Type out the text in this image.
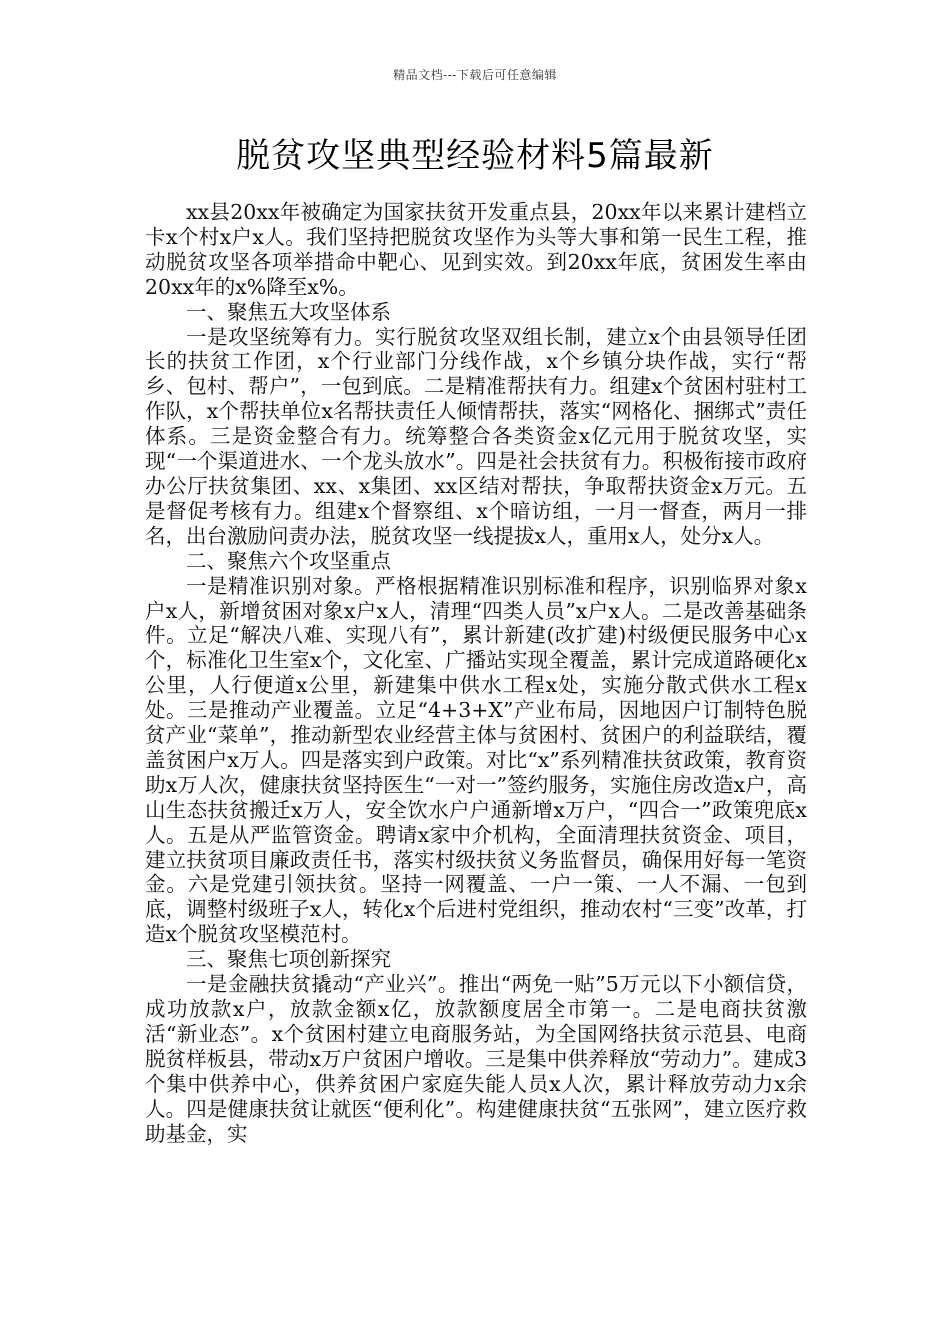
精品文档---下载后可任意编辑
脱贫攻坚典型经验材料5篇最新

xx县20xx年被确定为国家扶贫开发重点县，20xx年以来累计建档立卡x个村x户x人。我们坚持把脱贫攻坚作为头等大事和第一民生工程，推动脱贫攻坚各项举措命中靶心、见到实效。到20xx年底，贫困发生率由20xx年的x%降至x%。

一、聚焦五大攻坚体系

一是攻坚统筹有力。实行脱贫攻坚双组长制，建立x个由县领导任团长的扶贫工作团，x个行业部门分线作战，x个乡镇分块作战，实行“帮乡、包村、帮户”，一包到底。二是精准帮扶有力。组建x个贫困村驻村工作队，x个帮扶单位x名帮扶责任人倾情帮扶，落实“网格化、捆绑式”责任体系。三是资金整合有力。统筹整合各类资金x亿元用于脱贫攻坚，实现“一个渠道进水、一个龙头放水”。四是社会扶贫有力。积极衔接市政府办公厅扶贫集团、xx、x集团、xx区结对帮扶，争取帮扶资金x万元。五是督促考核有力。组建x个督察组、x个暗访组，一月一督查，两月一排名，出台激励问责办法，脱贫攻坚一线提拔x人，重用x人，处分x人。

二、聚焦六个攻坚重点

一是精准识别对象。严格根据精准识别标准和程序，识别临界对象x户x人，新增贫困对象x户x人，清理“四类人员”x户x人。二是改善基础条件。立足“解决八难、实现八有”，累计新建(改扩建)村级便民服务中心x个，标准化卫生室x个，文化室、广播站实现全覆盖，累计完成道路硬化x公里，人行便道x公里，新建集中供水工程x处，实施分散式供水工程x处。三是推动产业覆盖。立足“4+3+X”产业布局，因地因户订制特色脱贫产业“菜单”，推动新型农业经营主体与贫困村、贫困户的利益联结，覆盖贫困户x万人。四是落实到户政策。对比“x”系列精准扶贫政策，教育资助x万人次，健康扶贫坚持医生“一对一”签约服务，实施住房改造x户，高山生态扶贫搬迁x万人，安全饮水户户通新增x万户，“四合一”政策兜底x人。五是从严监管资金。聘请x家中介机构，全面清理扶贫资金、项目，建立扶贫项目廉政责任书，落实村级扶贫义务监督员，确保用好每一笔资金。六是党建引领扶贫。坚持一网覆盖、一户一策、一人不漏、一包到底，调整村级班子x人，转化x个后进村党组织，推动农村“三变”改革，打造x个脱贫攻坚模范村。

三、聚焦七项创新探究

一是金融扶贫撬动“产业兴”。推出“两免一贴”5万元以下小额信贷，成功放款x户，放款金额x亿，放款额度居全市第一。二是电商扶贫激活“新业态”。x个贫困村建立电商服务站，为全国网络扶贫示范县、电商脱贫样板县，带动x万户贫困户增收。三是集中供养释放“劳动力”。建成3个集中供养中心，供养贫困户家庭失能人员x人次，累计释放劳动力x余人。四是健康扶贫让就医“便利化”。构建健康扶贫“五张网”，建立医疗救助基金，实
